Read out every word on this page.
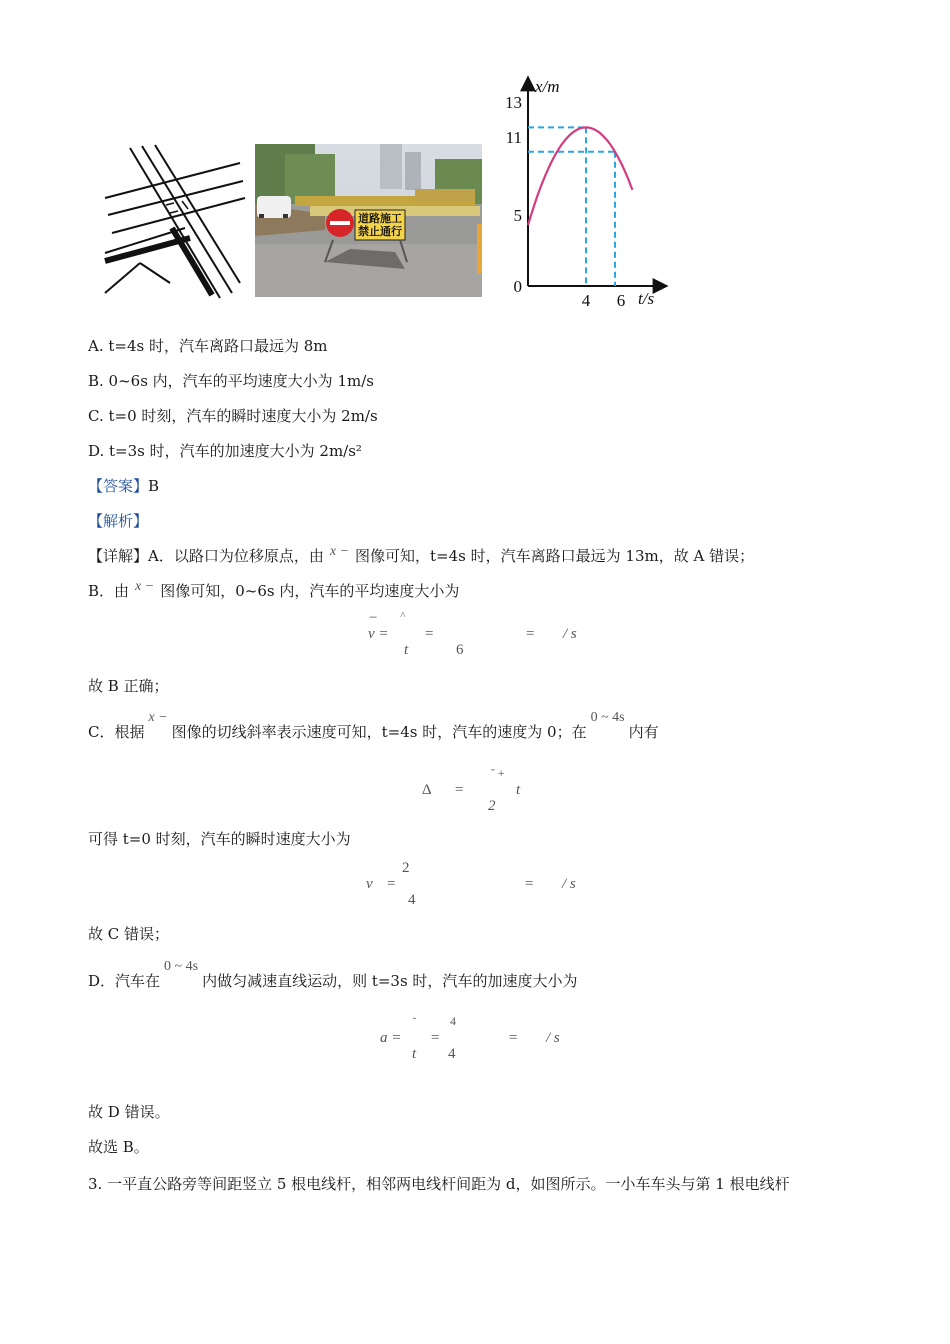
道路施工
禁止通行
x/m
t/s
13
11
5
0
4 6
A. t=4s 时，汽车离路口最远为 8m
B. 0~6s 内，汽车的平均速度大小为 1m/s
C. t=0 时刻，汽车的瞬时速度大小为 2m/s
D. t=3s 时，汽车的加速度大小为 2m/s²
【答案】B
【解析】
【详解】A．以路口为位移原点，由 x − 图像可知，t=4s 时，汽车离路口最远为 13m，故 A 错误；
B．由 x − 图像可知，0~6s 内，汽车的平均速度大小为
−
v =
^
t
=
6
= / s
故 B 正确；
C．根据x −图像的切线斜率表示速度可知，t=4s 时，汽车的速度为 0；在0 ~ 4s内有
Δ =
˘ +
2
t
可得 t=0 时刻，汽车的瞬时速度大小为
v =
2
4
= / s
故 C 错误；
D．汽车在0 ~ 4s内做匀减速直线运动，则 t=3s 时，汽车的加速度大小为
a =
˘
t
=
4
4
= / s
故 D 错误。
故选 B。
3. 一平直公路旁等间距竖立 5 根电线杆，相邻两电线杆间距为 d，如图所示。一小车车头与第 1 根电线杆
